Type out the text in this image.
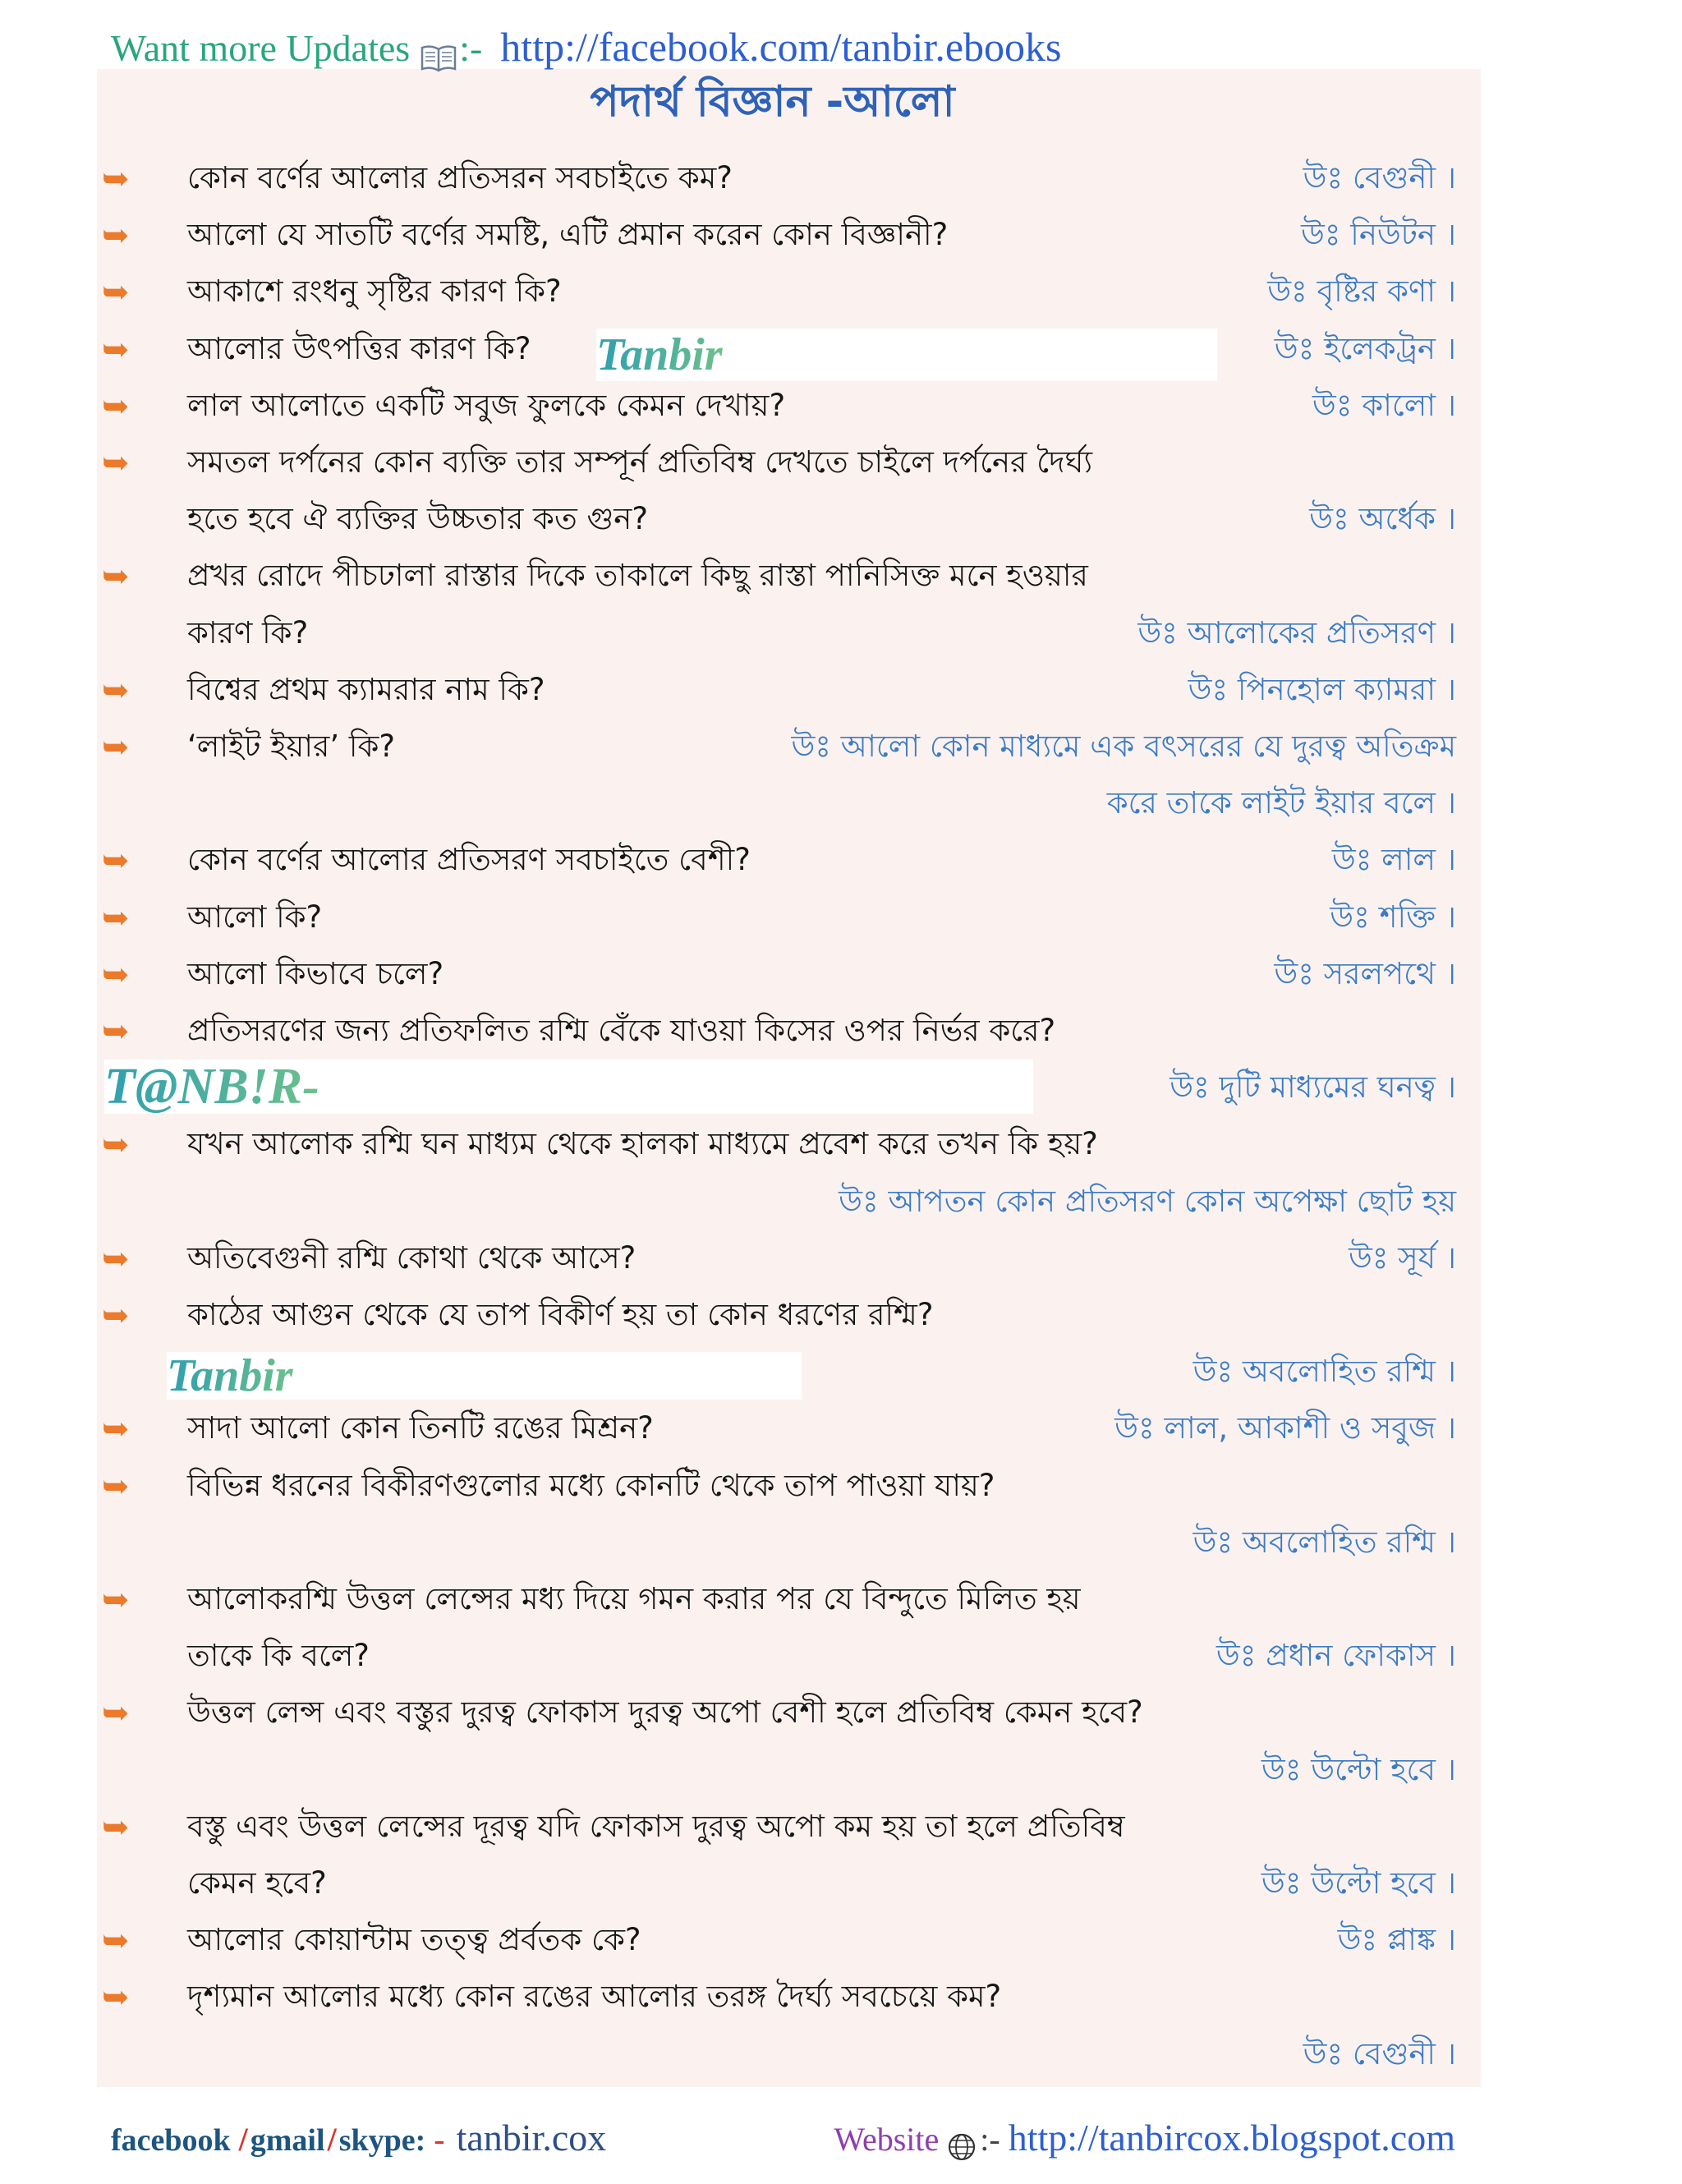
Want more Updates :- http://facebook.com/tanbir.ebooks
পদার্থ বিজ্ঞান -আলো
Tanbir
T@NB!R-
Tanbir
➥
কোন বর্ণের আলোর প্রতিসরন সবচাইতে কম?	উঃ বেগুনী ।
➥
আলো যে সাতটি বর্ণের সমষ্টি, এটি প্রমান করেন কোন বিজ্ঞানী?	উঃ নিউটন ।
➥
আকাশে রংধনু সৃষ্টির কারণ কি?	উঃ বৃষ্টির কণা ।
➥
আলোর উৎপত্তির কারণ কি?	উঃ ইলেকট্রন ।
➥
লাল আলোতে একটি সবুজ ফুলকে কেমন দেখায়?	উঃ কালো ।
➥
সমতল দর্পনের কোন ব্যক্তি তার সম্পূর্ন প্রতিবিম্ব দেখতে চাইলে দর্পনের দৈর্ঘ্য
হতে হবে ঐ ব্যক্তির উচ্চতার কত গুন?	উঃ অর্ধেক ।
➥
প্রখর রোদে পীচঢালা রাস্তার দিকে তাকালে কিছু রাস্তা পানিসিক্ত মনে হওয়ার
কারণ কি?	উঃ আলোকের প্রতিসরণ ।
➥
বিশ্বের প্রথম ক্যামরার নাম কি?	উঃ পিনহোল ক্যামরা ।
➥
‘লাইট ইয়ার’ কি?	উঃ আলো কোন মাধ্যমে এক বৎসরের যে দুরত্ব অতিক্রম
করে তাকে লাইট ইয়ার বলে ।
➥
কোন বর্ণের আলোর প্রতিসরণ সবচাইতে বেশী?	উঃ লাল ।
➥
আলো কি?	উঃ শক্তি ।
➥
আলো কিভাবে চলে?	উঃ সরলপথে ।
➥
প্রতিসরণের জন্য প্রতিফলিত রশ্মি বেঁকে যাওয়া কিসের ওপর নির্ভর করে?
উঃ দুটি মাধ্যমের ঘনত্ব ।
➥
যখন আলোক রশ্মি ঘন মাধ্যম থেকে হালকা মাধ্যমে প্রবেশ করে তখন কি হয়?
উঃ আপতন কোন প্রতিসরণ কোন অপেক্ষা ছোট হয়
➥
অতিবেগুনী রশ্মি কোথা থেকে আসে?	উঃ সূর্য ।
➥
কাঠের আগুন থেকে যে তাপ বিকীর্ণ হয় তা কোন ধরণের রশ্মি?
উঃ অবলোহিত রশ্মি ।
➥
সাদা আলো কোন তিনটি রঙের মিশ্রন?	উঃ লাল, আকাশী ও সবুজ ।
➥
বিভিন্ন ধরনের বিকীরণগুলোর মধ্যে কোনটি থেকে তাপ পাওয়া যায়?
উঃ অবলোহিত রশ্মি ।
➥
আলোকরশ্মি উত্তল লেন্সের মধ্য দিয়ে গমন করার পর যে বিন্দুতে মিলিত হয়
তাকে কি বলে?	উঃ প্রধান ফোকাস ।
➥
উত্তল লেন্স এবং বস্তুর দুরত্ব ফোকাস দুরত্ব অপো বেশী হলে প্রতিবিম্ব কেমন হবে?
উঃ উল্টো হবে ।
➥
বস্তু এবং উত্তল লেন্সের দূরত্ব যদি ফোকাস দুরত্ব অপো কম হয় তা হলে প্রতিবিম্ব
কেমন হবে?	উঃ উল্টো হবে ।
➥
আলোর কোয়ান্টাম তত্ত্ব প্রর্বতক কে?	উঃ প্লাঙ্ক ।
➥
দৃশ্যমান আলোর মধ্যে কোন রঙের আলোর তরঙ্গ দৈর্ঘ্য সবচেয়ে কম?
উঃ বেগুনী ।
facebook /gmail/skype: - tanbir.cox	Website :- http://tanbircox.blogspot.com
